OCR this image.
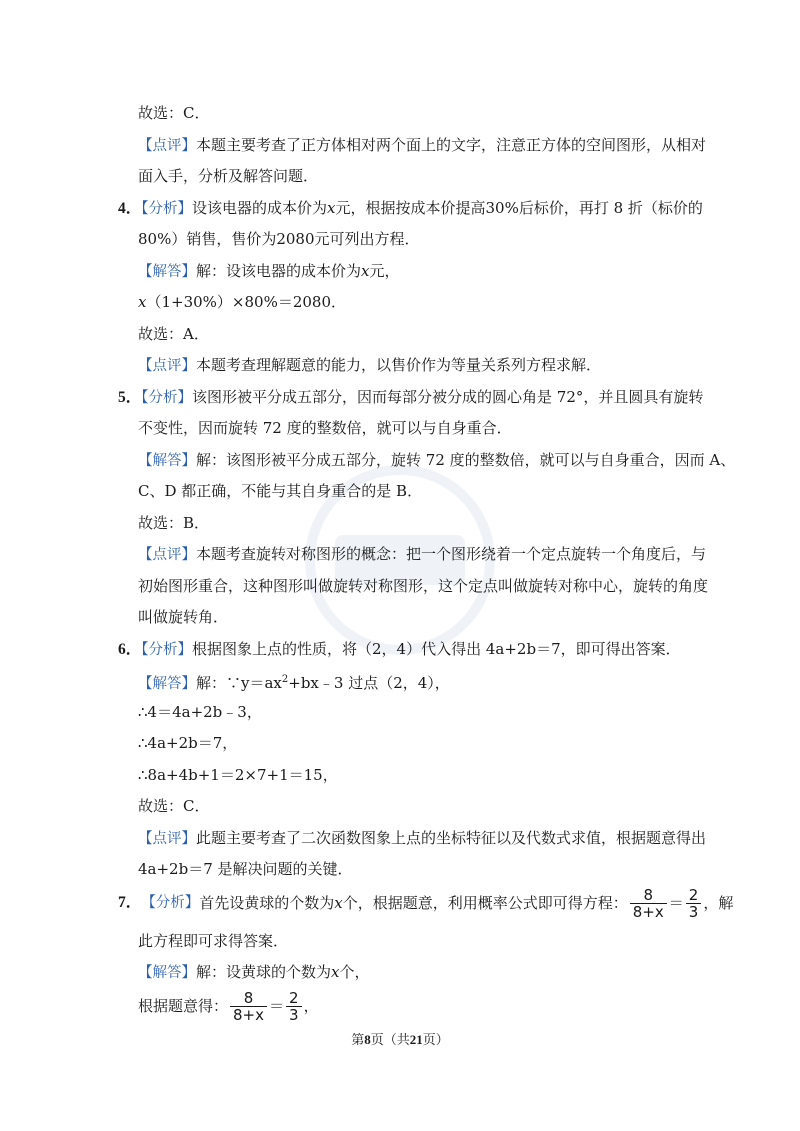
故选：C．
【点评】本题主要考查了正方体相对两个面上的文字，注意正方体的空间图形，从相对
面入手，分析及解答问题．
4．【分析】设该电器的成本价为x元，根据按成本价提高30%后标价，再打 8 折（标价的
80%）销售，售价为2080元可列出方程．
【解答】解：设该电器的成本价为x元，
x（1+30%）×80%＝2080．
故选：A．
【点评】本题考查理解题意的能力，以售价作为等量关系列方程求解．
5．【分析】该图形被平分成五部分，因而每部分被分成的圆心角是 72°，并且圆具有旋转
不变性，因而旋转 72 度的整数倍，就可以与自身重合．
【解答】解：该图形被平分成五部分，旋转 72 度的整数倍，就可以与自身重合，因而 A、
C、D 都正确，不能与其自身重合的是 B．
故选：B．
【点评】本题考查旋转对称图形的概念：把一个图形绕着一个定点旋转一个角度后，与
初始图形重合，这种图形叫做旋转对称图形，这个定点叫做旋转对称中心，旋转的角度
叫做旋转角．
6．【分析】根据图象上点的性质，将（2，4）代入得出 4a+2b＝7，即可得出答案．
【解答】解：$\because y=ax^2+bx﹣3$ 过点（2，4），
∴4＝4a+2b﹣3，
∴4a+2b＝7，
∴8a+4b+1＝2×7+1＝15，
故选：C．
【点评】此题主要考查了二次函数图象上点的坐标特征以及代数式求值，根据题意得出
4a+2b＝7 是解决问题的关键．
7． 【分析】 首先设黄球的个数为 x 个，根据题意，利用概率公式即可得方程： $\frac{8}{8+x} = \frac{2}{3}$ ，解
此方程即可求得答案．
【解答】解：设黄球的个数为x个，
根据题意得： $\frac{8}{8+x} = \frac{2}{3}$ ，
第8页（共21页）
